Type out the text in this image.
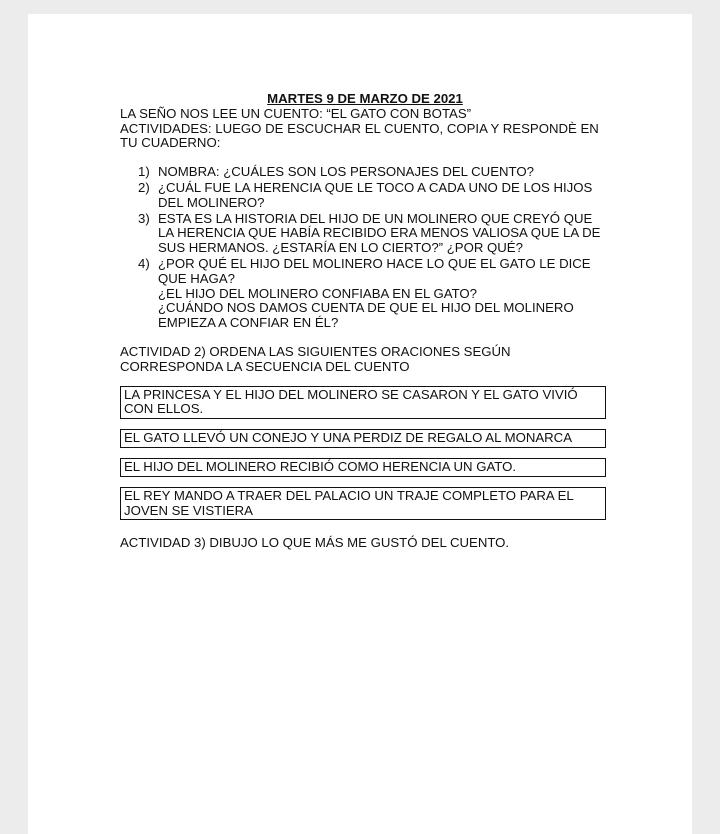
MARTES 9 DE MARZO DE 2021

LA SEÑO NOS LEE UN CUENTO: “EL GATO CON BOTAS”

ACTIVIDADES: LUEGO DE ESCUCHAR EL CUENTO, COPIA Y RESPONDÈ EN TU CUADERNO:

1) NOMBRA: ¿CUÁLES SON LOS PERSONAJES DEL CUENTO?
2) ¿CUÁL FUE LA HERENCIA QUE LE TOCO A CADA UNO DE LOS HIJOS DEL MOLINERO?
3) ESTA ES LA HISTORIA DEL HIJO DE UN MOLINERO QUE CREYÓ QUE LA HERENCIA QUE HABÍA RECIBIDO ERA MENOS VALIOSA QUE LA DE SUS HERMANOS. ¿ESTARÍA EN LO CIERTO?” ¿POR QUÉ?
4) ¿POR QUÉ EL HIJO DEL MOLINERO HACE LO QUE EL GATO LE DICE QUE HAGA?
¿EL HIJO DEL MOLINERO CONFIABA EN EL GATO?
¿CUÁNDO NOS DAMOS CUENTA DE QUE EL HIJO DEL MOLINERO EMPIEZA A CONFIAR EN ÉL?

ACTIVIDAD 2) ORDENA LAS SIGUIENTES ORACIONES SEGÚN CORRESPONDA LA SECUENCIA DEL CUENTO

LA PRINCESA Y EL HIJO DEL MOLINERO SE CASARON Y EL GATO VIVIÓ CON ELLOS.
EL GATO LLEVÓ UN CONEJO Y UNA PERDIZ DE REGALO AL MONARCA
EL HIJO DEL MOLINERO RECIBIÓ COMO HERENCIA UN GATO.
EL REY MANDO A TRAER DEL PALACIO UN TRAJE COMPLETO PARA EL JOVEN SE VISTIERA

ACTIVIDAD 3) DIBUJO LO QUE MÁS ME GUSTÓ DEL CUENTO.
